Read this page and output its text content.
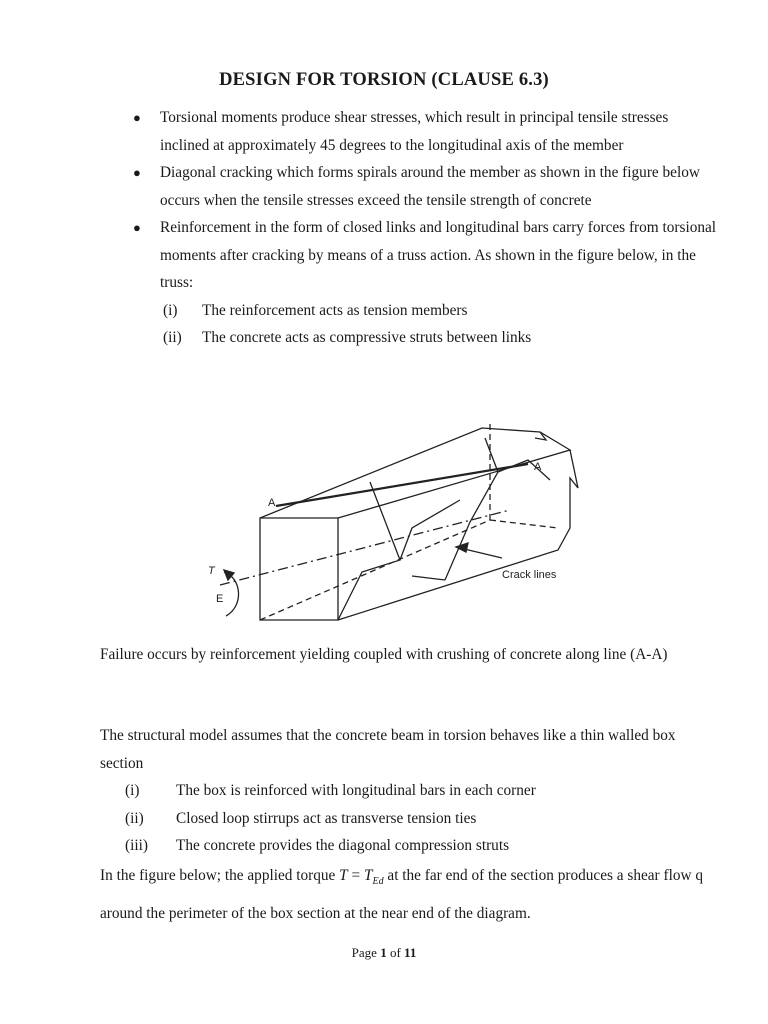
DESIGN FOR TORSION (CLAUSE 6.3)
● Torsional moments produce shear stresses, which result in principal tensile stresses inclined at approximately 45 degrees to the longitudinal axis of the member
● Diagonal cracking which forms spirals around the member as shown in the figure below occurs when the tensile stresses exceed the tensile strength of concrete
● Reinforcement in the form of closed links and longitudinal bars carry forces from torsional moments after cracking by means of a truss action. As shown in the figure below, in the truss:
(i) The reinforcement acts as tension members
(ii) The concrete acts as compressive struts between links
A
A
T
E
Crack lines
Failure occurs by reinforcement yielding coupled with crushing of concrete along line (A-A)
The structural model assumes that the concrete beam in torsion behaves like a thin walled box section
(i) The box is reinforced with longitudinal bars in each corner
(ii) Closed loop stirrups act as transverse tension ties
(iii) The concrete provides the diagonal compression struts
In the figure below; the applied torque $T = T_{Ed}$ at the far end of the section produces a shear flow q around the perimeter of the box section at the near end of the diagram.
Page 1 of 11
